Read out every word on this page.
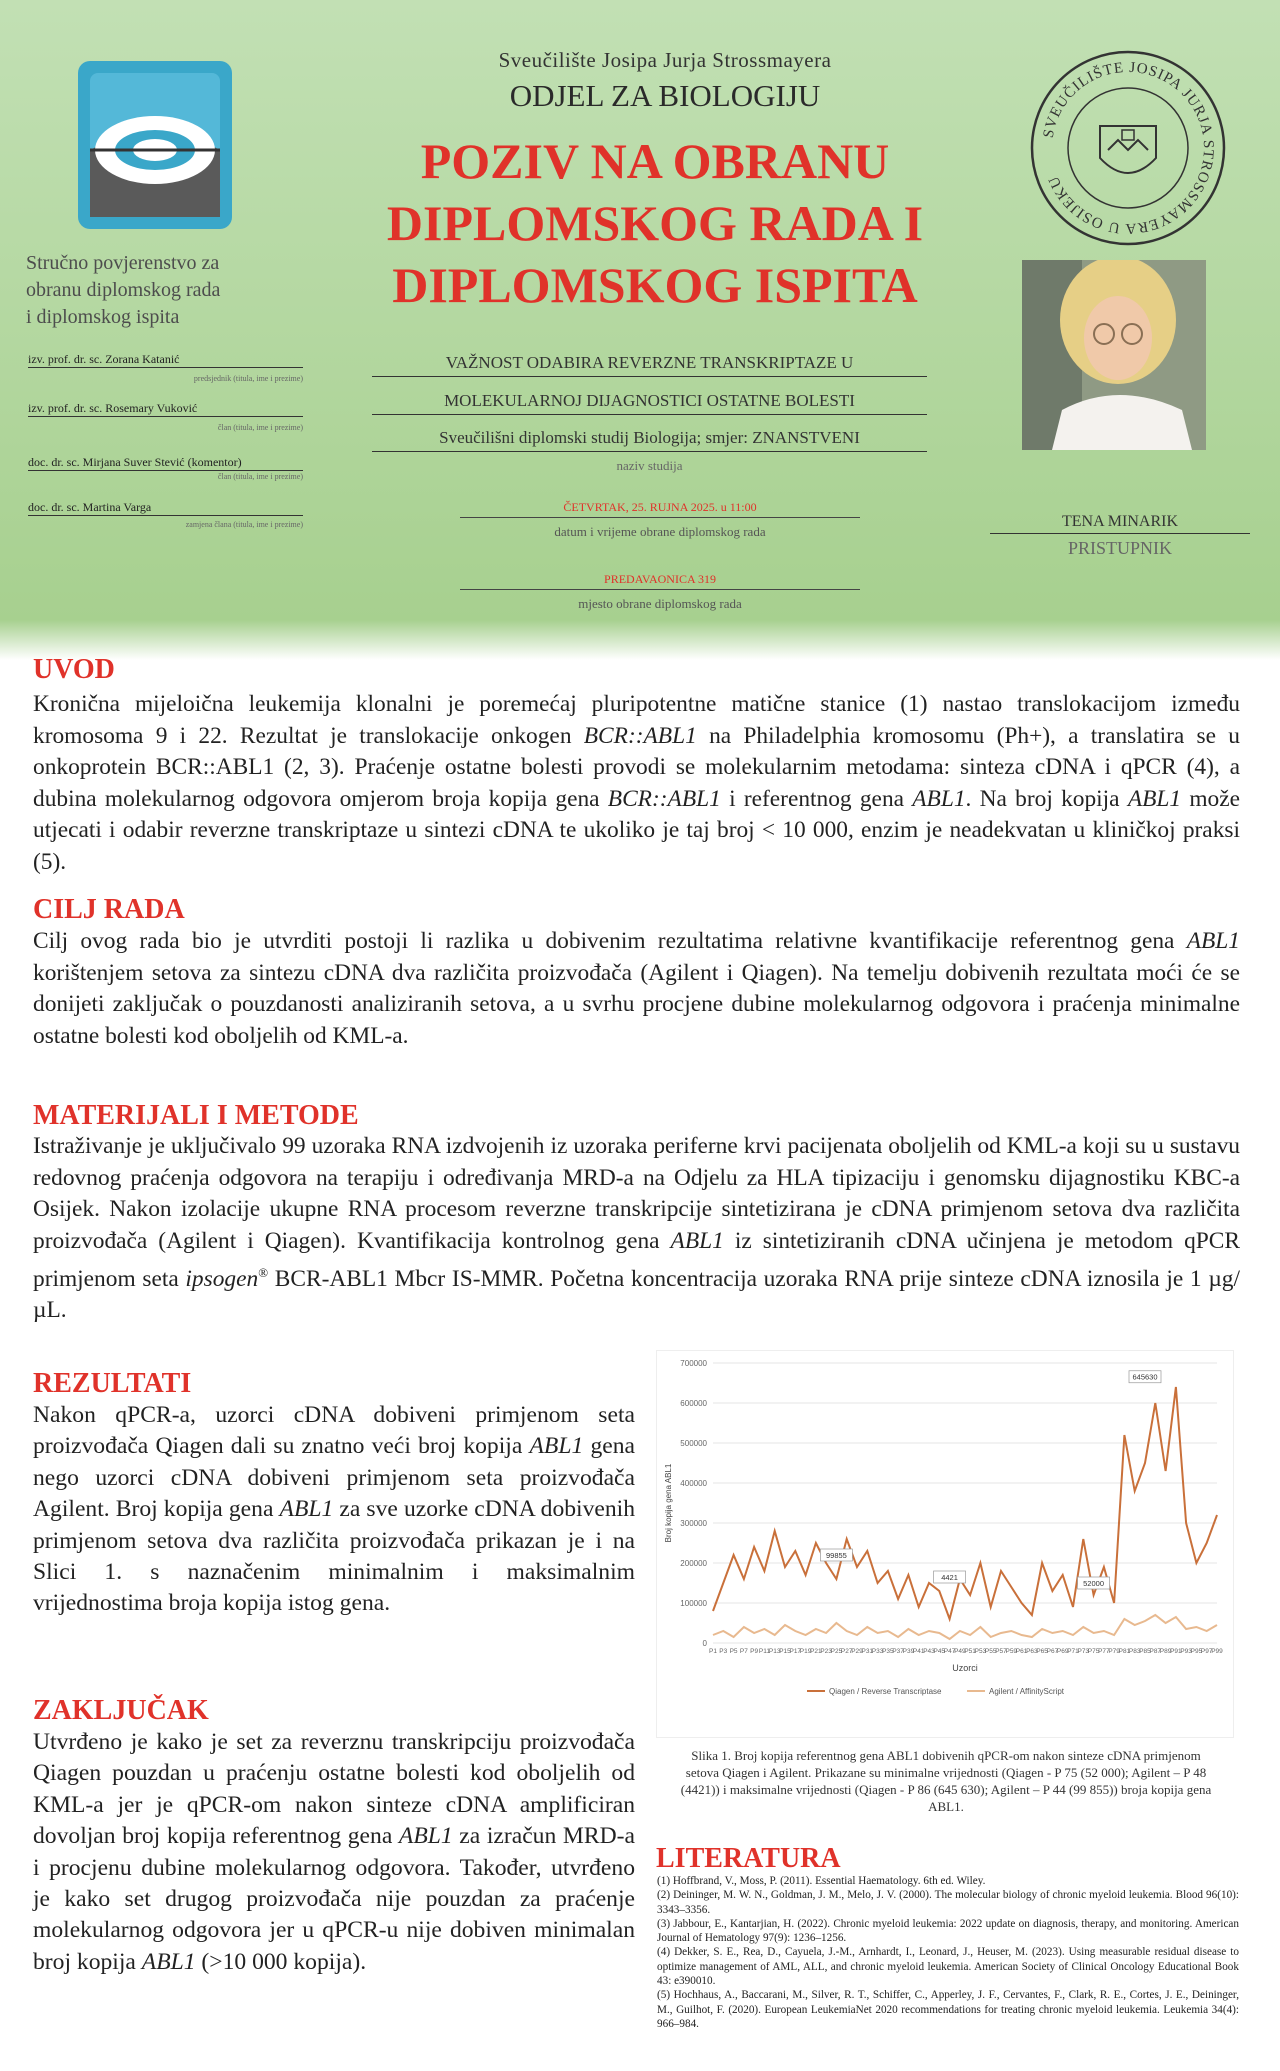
Stručno povjerenstvo za
obranu diplomskog rada
i diplomskog ispita
izv. prof. dr. sc. Zorana Katanić
predsjednik (titula, ime i prezime)
izv. prof. dr. sc. Rosemary Vuković
član (titula, ime i prezime)
doc. dr. sc. Mirjana Suver Stević (komentor)
član (titula, ime i prezime)
doc. dr. sc. Martina Varga
zamjena člana (titula, ime i prezime)
Sveučilište Josipa Jurja Strossmayera
ODJEL ZA BIOLOGIJU
POZIV NA OBRANU
DIPLOMSKOG RADA I
DIPLOMSKOG ISPITA
SVEUČILIŠTE JOSIPA JURJA STROSSMAYERA U OSIJEKU
TENA MINARIK
PRISTUPNIK
VAŽNOST ODABIRA REVERZNE TRANSKRIPTAZE U
MOLEKULARNOJ DIJAGNOSTICI OSTATNE BOLESTI
Sveučilišni diplomski studij Biologija; smjer: ZNANSTVENI
naziv studija
ČETVRTAK, 25. RUJNA 2025. u 11:00
datum i vrijeme obrane diplomskog rada
PREDAVAONICA 319
mjesto obrane diplomskog rada
UVOD
Kronična mijeloična leukemija klonalni je poremećaj pluripotentne matične stanice (1) nastao translokacijom između kromosoma 9 i 22. Rezultat je translokacije onkogen BCR::ABL1 na Philadelphia kromosomu (Ph+), a translatira se u onkoprotein BCR::ABL1 (2, 3). Praćenje ostatne bolesti provodi se molekularnim metodama: sinteza cDNA i qPCR (4), a dubina molekularnog odgovora omjerom broja kopija gena BCR::ABL1 i referentnog gena ABL1. Na broj kopija ABL1 može utjecati i odabir reverzne transkriptaze u sintezi cDNA te ukoliko je taj broj < 10 000, enzim je neadekvatan u kliničkoj praksi (5).
CILJ RADA
Cilj ovog rada bio je utvrditi postoji li razlika u dobivenim rezultatima relativne kvantifikacije referentnog gena ABL1 korištenjem setova za sintezu cDNA dva različita proizvođača (Agilent i Qiagen). Na temelju dobivenih rezultata moći će se donijeti zaključak o pouzdanosti analiziranih setova, a u svrhu procjene dubine molekularnog odgovora i praćenja minimalne ostatne bolesti kod oboljelih od KML-a.
MATERIJALI I METODE
Istraživanje je uključivalo 99 uzoraka RNA izdvojenih iz uzoraka periferne krvi pacijenata oboljelih od KML-a koji su u sustavu redovnog praćenja odgovora na terapiju i određivanja MRD-a na Odjelu za HLA tipizaciju i genomsku dijagnostiku KBC-a Osijek. Nakon izolacije ukupne RNA procesom reverzne transkripcije sintetizirana je cDNA primjenom setova dva različita proizvođača (Agilent i Qiagen). Kvantifikacija kontrolnog gena ABL1 iz sintetiziranih cDNA učinjena je metodom qPCR primjenom seta ipsogen® BCR-ABL1 Mbcr IS-MMR. Početna koncentracija uzoraka RNA prije sinteze cDNA iznosila je 1 µg/µL.
REZULTATI
Nakon qPCR-a, uzorci cDNA dobiveni primjenom seta proizvođača Qiagen dali su znatno veći broj kopija ABL1 gena nego uzorci cDNA dobiveni primjenom seta proizvođača Agilent. Broj kopija gena ABL1 za sve uzorke cDNA dobivenih primjenom setova dva različita proizvođača prikazan je i na Slici 1. s naznačenim minimalnim i maksimalnim vrijednostima broja kopija istog gena.
ZAKLJUČAK
Utvrđeno je kako je set za reverznu transkripciju proizvođača Qiagen pouzdan u praćenju ostatne bolesti kod oboljelih od KML-a jer je qPCR-om nakon sinteze cDNA amplificiran dovoljan broj kopija referentnog gena ABL1 za izračun MRD-a i procjenu dubine molekularnog odgovora. Također, utvrđeno je kako set drugog proizvođača nije pouzdan za praćenje molekularnog odgovora jer u qPCR-u nije dobiven minimalan broj kopija ABL1 (>10 000 kopija).
0
100000
200000
300000
400000
500000
600000
700000
P1 P3 P5 P7 P9 P11
P13
P15
P17
P19
P21
P23
P25
P27
P29
P31
P33
P35
P37
P39
P41
P43
P45
P47
P49
P51
P53
P55
P57
P59
P61
P63
P65
P67
P69
P71
P73
P75
P77
P79
P81
P83
P85
P87
P89
P91
P93
P95
P97
P99
Uzorci
Broj kopija gena ABL1
645630
99855
4421
52000
Qiagen / Reverse Transcriptase	Agilent / AffinityScript
Slika 1. Broj kopija referentnog gena ABL1 dobivenih qPCR-om nakon sinteze cDNA primjenom setova Qiagen i Agilent. Prikazane su minimalne vrijednosti (Qiagen - P 75 (52 000); Agilent – P 48 (4421)) i maksimalne vrijednosti (Qiagen - P 86 (645 630); Agilent – P 44 (99 855)) broja kopija gena ABL1.
LITERATURA
(1) Hoffbrand, V., Moss, P. (2011). Essential Haematology. 6th ed. Wiley.
(2) Deininger, M. W. N., Goldman, J. M., Melo, J. V. (2000). The molecular biology of chronic myeloid leukemia. Blood 96(10): 3343–3356.
(3) Jabbour, E., Kantarjian, H. (2022). Chronic myeloid leukemia: 2022 update on diagnosis, therapy, and monitoring. American Journal of Hematology 97(9): 1236–1256.
(4) Dekker, S. E., Rea, D., Cayuela, J.-M., Arnhardt, I., Leonard, J., Heuser, M. (2023). Using measurable residual disease to optimize management of AML, ALL, and chronic myeloid leukemia. American Society of Clinical Oncology Educational Book 43: e390010.
(5) Hochhaus, A., Baccarani, M., Silver, R. T., Schiffer, C., Apperley, J. F., Cervantes, F., Clark, R. E., Cortes, J. E., Deininger, M., Guilhot, F. (2020). European LeukemiaNet 2020 recommendations for treating chronic myeloid leukemia. Leukemia 34(4): 966–984.
